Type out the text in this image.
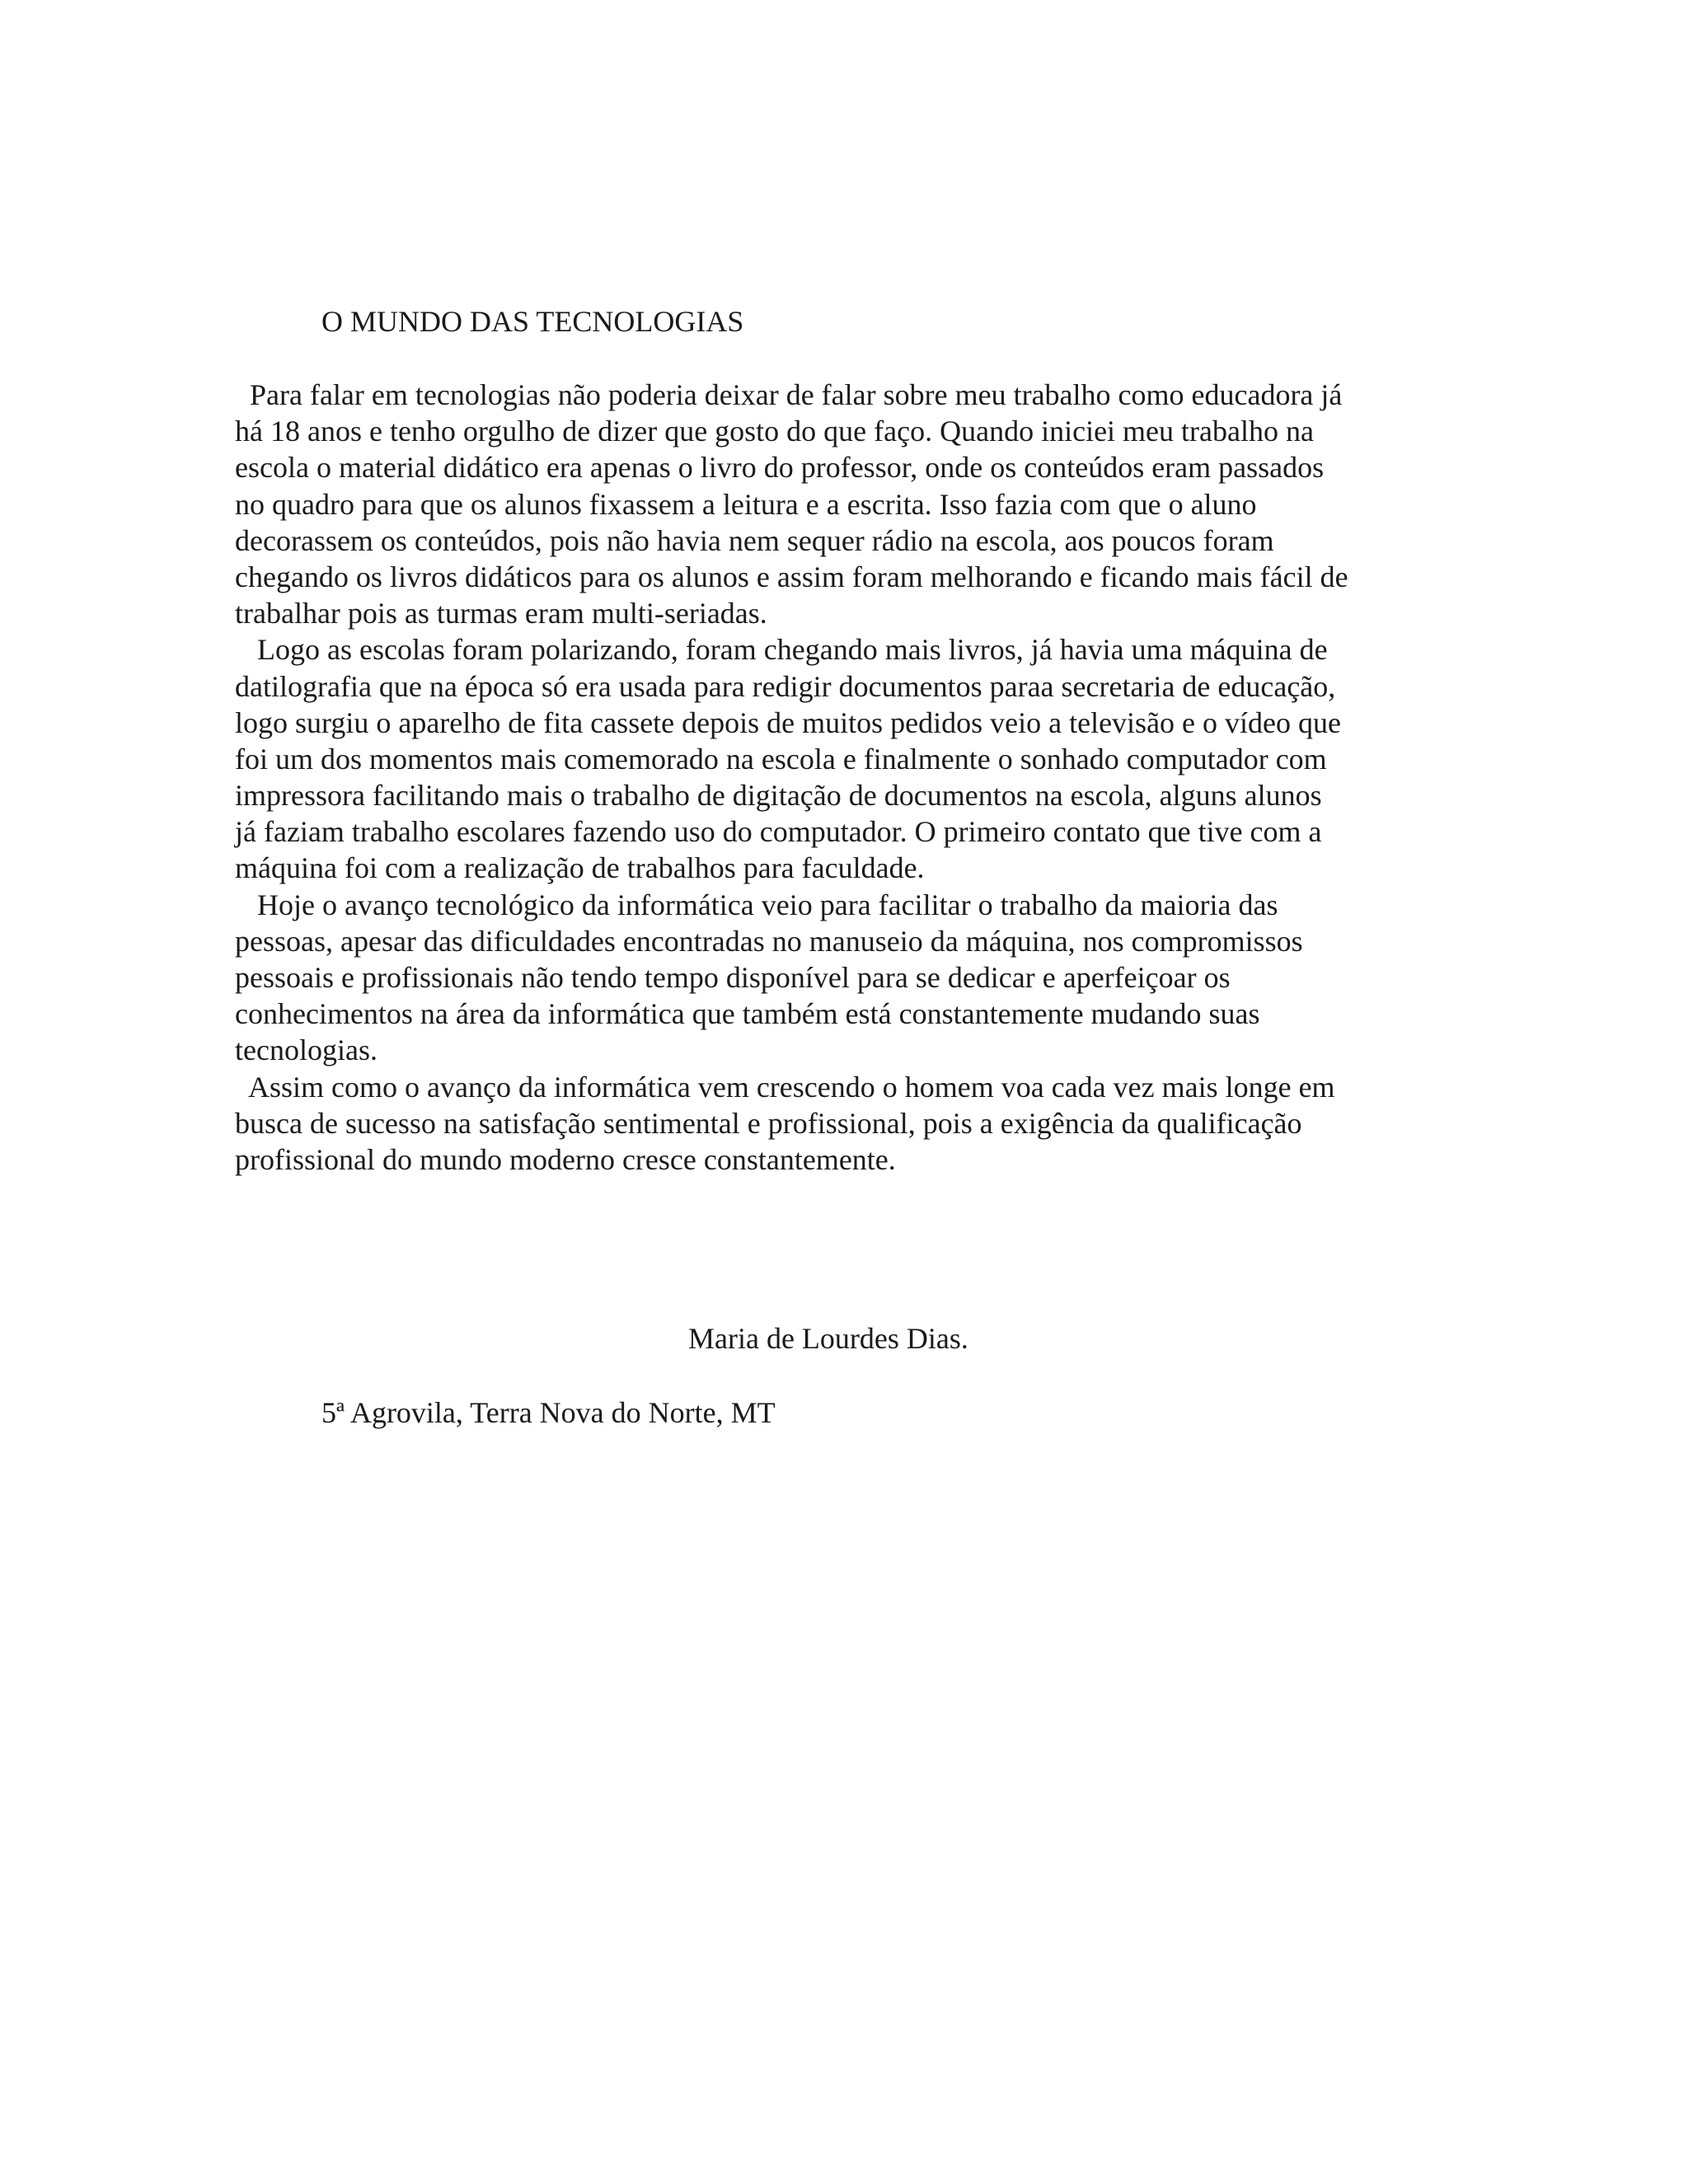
O MUNDO DAS TECNOLOGIAS
Para falar em tecnologias não poderia deixar de falar sobre meu trabalho como educadora já
há 18 anos e tenho orgulho de dizer que gosto do que faço. Quando iniciei meu trabalho na
escola o material didático era apenas o livro do professor, onde os conteúdos eram passados
no quadro para que os alunos fixassem a leitura e a escrita. Isso fazia com que o aluno
decorassem os conteúdos, pois não havia nem sequer rádio na escola, aos poucos foram
chegando os livros didáticos para os alunos e assim foram melhorando e ficando mais fácil de
trabalhar pois as turmas eram multi-seriadas.
Logo as escolas foram polarizando, foram chegando mais livros, já havia uma máquina de
datilografia que na época só era usada para redigir documentos paraa secretaria de educação,
logo surgiu o aparelho de fita cassete depois de muitos pedidos veio a televisão e o vídeo que
foi um dos momentos mais comemorado na escola e finalmente o sonhado computador com
impressora facilitando mais o trabalho de digitação de documentos na escola, alguns alunos
já faziam trabalho escolares fazendo uso do computador. O primeiro contato que tive com a
máquina foi com a realização de trabalhos para faculdade.
Hoje o avanço tecnológico da informática veio para facilitar o trabalho da maioria das
pessoas, apesar das dificuldades encontradas no manuseio da máquina, nos compromissos
pessoais e profissionais não tendo tempo disponível para se dedicar e aperfeiçoar os
conhecimentos na área da informática que também está constantemente mudando suas
tecnologias.
Assim como o avanço da informática vem crescendo o homem voa cada vez mais longe em
busca de sucesso na satisfação sentimental e profissional, pois a exigência da qualificação
profissional do mundo moderno cresce constantemente.
Maria de Lourdes Dias.
5ª Agrovila, Terra Nova do Norte, MT
